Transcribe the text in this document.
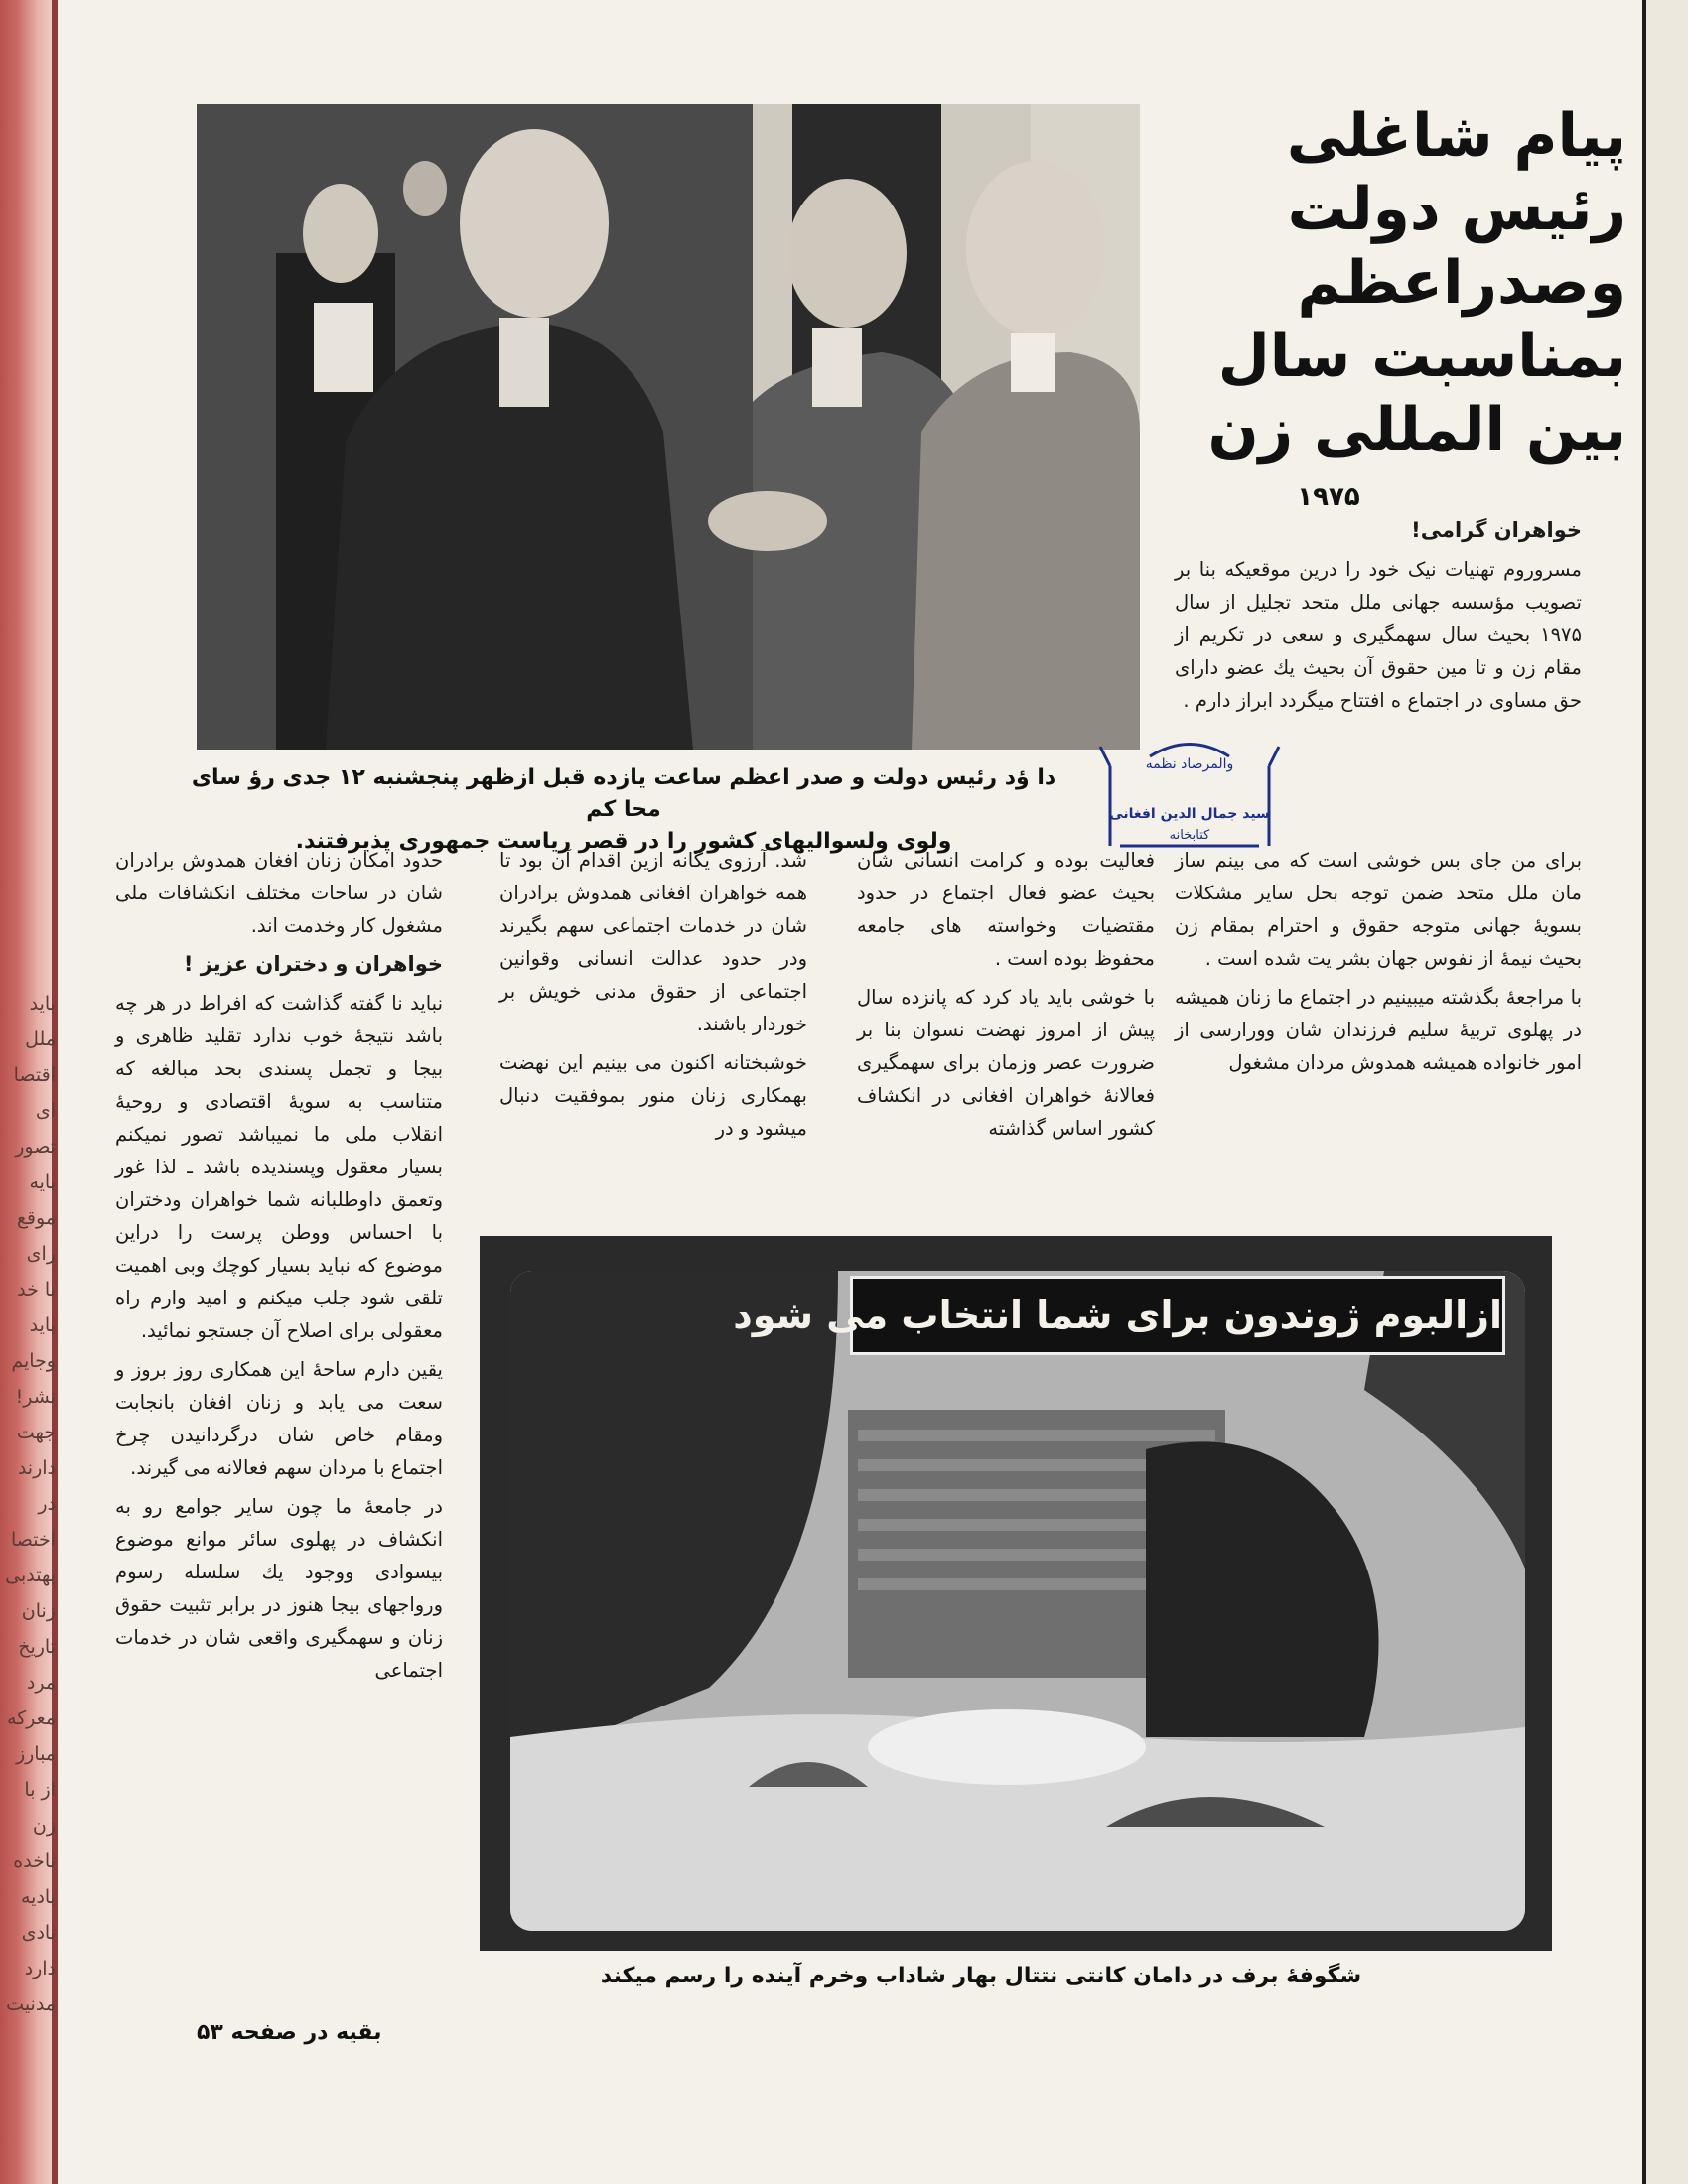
پیام شاغلی
رئیس دولت
وصدراعظم
بمناسبت سال
بین المللی زن
۱۹۷۵

خواهران گرامی!

مسروروم تهنیات نیک خود را درین موقعیکه بنا بر تصویب مؤسسه جهانی ملل متحد تجلیل از سال ۱۹۷۵ بحیث سال سهمگیری و سعی در تکریم از مقام زن و تا مین حقوق آن بحیث یك عضو دارای حق مساوی در اجتماع ه افتتاح میگردد ابراز دارم .

دا ؤد رئیس دولت و صدر اعظم ساعت یازده قبل ازظهر پنجشنبه ۱۲ جدی رؤ سای محا کم
ولوی ولسوالیهای کشور را در قصر ریاست جمهوری پذیرفتند.
والمرصاد نظمه
سید جمال الدین افغانی
کتابخانه

برای من جای بس خوشی است که می بینم ساز مان ملل متحد ضمن توجه بحل سایر مشکلات بسویهٔ جهانی متوجه حقوق و احترام بمقام زن بحیث نیمهٔ از نفوس جهان بشر یت شده است .

با مراجعهٔ بگذشته میبینیم در اجتماع ما زنان همیشه در پهلوی تربیهٔ سلیم فرزندان شان وورارسی از امور خانواده همیشه همدوش مردان مشغول

فعالیت بوده و کرامت انسانی شان بحیث عضو فعال اجتماع در حدود مقتضیات وخواسته های جامعه محفوظ بوده است .

با خوشی باید یاد کرد که پانزده سال پیش از امروز نهضت نسوان بنا بر ضرورت عصر وزمان برای سهمگیری فعالانهٔ خواهران افغانی در انکشاف کشور اساس گذاشته

شد. آرزوی یگانه ازین اقدام آن بود تا همه خواهران افغانی همدوش برادران شان در خدمات اجتماعی سهم بگیرند ودر حدود عدالت انسانی وقوانین اجتماعی از حقوق مدنی خویش بر خوردار باشند.

خوشبختانه اکنون می بینیم این نهضت بهمکاری زنان منور بموفقیت دنبال میشود و در

حدود امکان زنان افغان همدوش برادران شان در ساحات مختلف انکشافات ملی مشغول کار وخدمت اند.

خواهران و دختران عزیز !

نباید نا گفته گذاشت که افراط در هر چه باشد نتیجهٔ خوب ندارد تقلید ظاهری و بیجا و تجمل پسندی بحد مبالغه که متناسب به سویهٔ اقتصادی و روحیهٔ انقلاب ملی ما نمیباشد تصور نمیکنم بسیار معقول وپسندیده باشد ـ لذا غور وتعمق داوطلبانه شما خواهران ودختران با احساس ووطن پرست را دراین موضوع که نباید بسیار کوچك وبی اهمیت تلقی شود جلب میکنم و امید وارم راه معقولی برای اصلاح آن جستجو نمائید.

یقین دارم ساحهٔ این همکاری روز بروز و سعت می یابد و زنان افغان بانجابت ومقام خاص شان درگردانیدن چرخ اجتماع با مردان سهم فعالانه می گیرند.

در جامعهٔ ما چون سایر جوامع رو به انکشاف در پهلوی سائر موانع موضوع بیسوادی ووجود یك سلسله رسوم ورواجهای بیجا هنوز در برابر تثبیت حقوق زنان و سهمگیری واقعی شان در خدمات اجتماعی

بقیه در صفحه ۵۳
ازالبوم ژوندون برای شما انتخاب می شود
شگوفهٔ برف در دامان کانتی نتتال بهار شاداب وخرم آینده را رسم میکند
باید
ملل
اقتصا
ای
تصور
بایه
موقع
رای
با خد
باید
وجایم
نشر!
جهت
دارند
در
اختصا
بهتدبی
زنان
تاریخ
مرد
معرکه
مبارز
از با
زن
ناخده
بادیه
نادی
دارد
مدنیت
